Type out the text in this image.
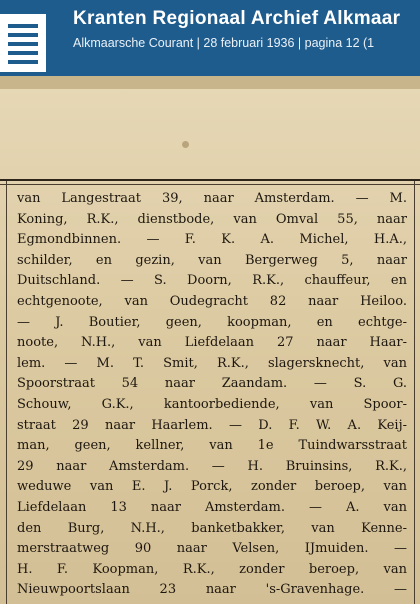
Kranten Regionaal Archief Alkmaar
Alkmaarsche Courant | 28 februari 1936 | pagina 12 (1

van Langestraat 39, naar Amsterdam. — M.

Koning, R.K., dienstbode, van Omval 55, naar

Egmondbinnen. — F. K. A. Michel, H.A.,

schilder, en gezin, van Bergerweg 5, naar

Duitschland. — S. Doorn, R.K., chauffeur, en

echtgenoote, van Oudegracht 82 naar Heiloo.

— J. Boutier, geen, koopman, en echtge-

noote, N.H., van Liefdelaan 27 naar Haar-

lem. — M. T. Smit, R.K., slagersknecht, van

Spoorstraat 54 naar Zaandam. — S. G.

Schouw, G.K., kantoorbediende, van Spoor-

straat 29 naar Haarlem. — D. F. W. A. Keij-

man, geen, kellner, van 1e Tuindwarsstraat

29 naar Amsterdam. — H. Bruinsins, R.K.,

weduwe van E. J. Porck, zonder beroep, van

Liefdelaan 13 naar Amsterdam. — A. van

den Burg, N.H., banketbakker, van Kenne-

merstraatweg 90 naar Velsen, IJmuiden. —

H. F. Koopman, R.K., zonder beroep, van

Nieuwpoortslaan 23 naar 's-Gravenhage. —
